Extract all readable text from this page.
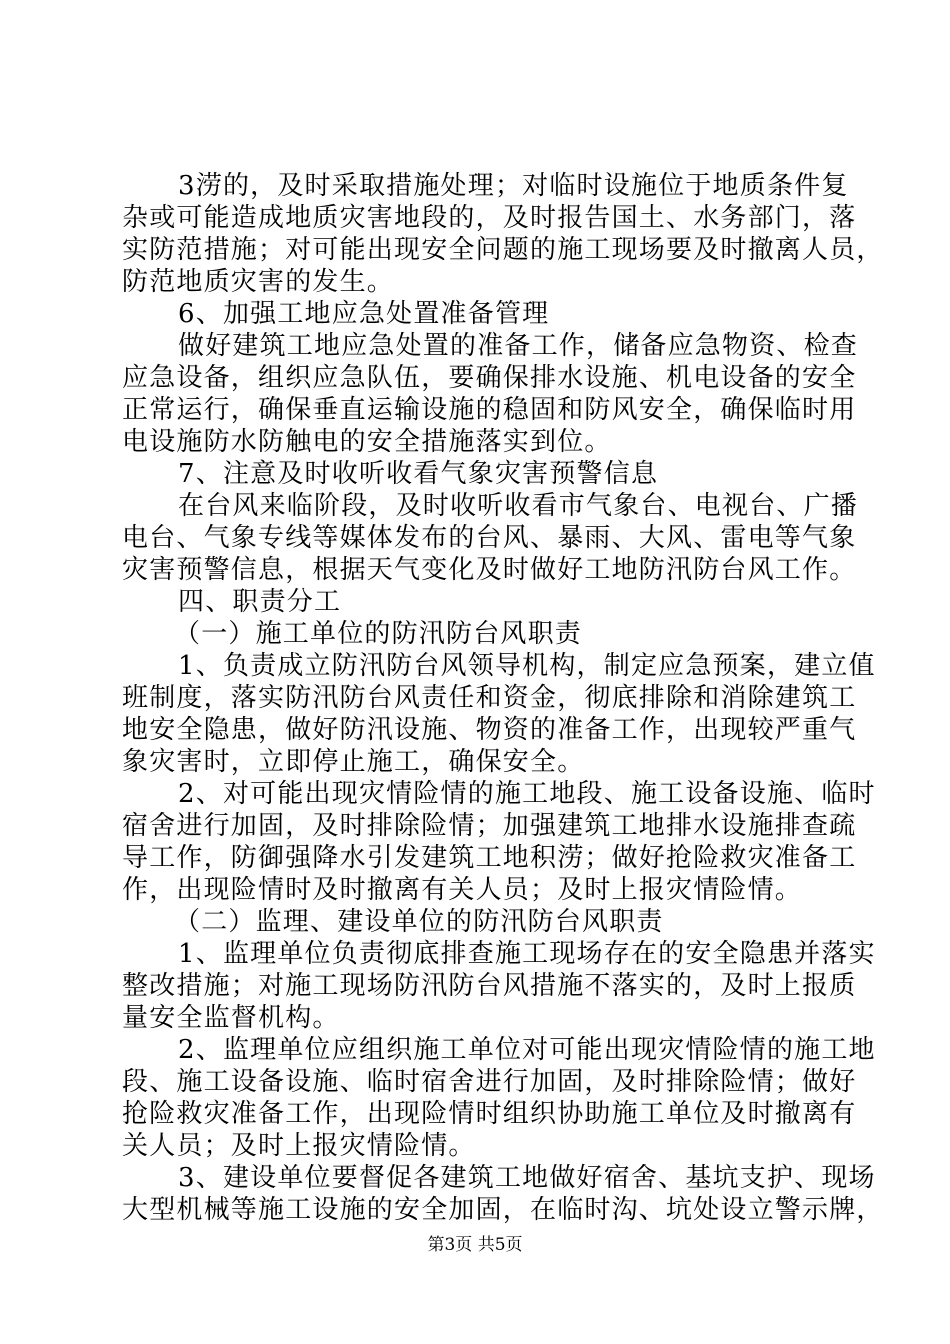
3涝的，及时采取措施处理；对临时设施位于地质条件复
杂或可能造成地质灾害地段的，及时报告国土、水务部门，落
实防范措施；对可能出现安全问题的施工现场要及时撤离人员，
防范地质灾害的发生。
6、加强工地应急处置准备管理
做好建筑工地应急处置的准备工作，储备应急物资、检查
应急设备，组织应急队伍，要确保排水设施、机电设备的安全
正常运行，确保垂直运输设施的稳固和防风安全，确保临时用
电设施防水防触电的安全措施落实到位。
7、注意及时收听收看气象灾害预警信息
在台风来临阶段，及时收听收看市气象台、电视台、广播
电台、气象专线等媒体发布的台风、暴雨、大风、雷电等气象
灾害预警信息，根据天气变化及时做好工地防汛防台风工作。
四、职责分工
（一）施工单位的防汛防台风职责
1、负责成立防汛防台风领导机构，制定应急预案，建立值
班制度，落实防汛防台风责任和资金，彻底排除和消除建筑工
地安全隐患，做好防汛设施、物资的准备工作，出现较严重气
象灾害时，立即停止施工，确保安全。
2、对可能出现灾情险情的施工地段、施工设备设施、临时
宿舍进行加固，及时排除险情；加强建筑工地排水设施排查疏
导工作，防御强降水引发建筑工地积涝；做好抢险救灾准备工
作，出现险情时及时撤离有关人员；及时上报灾情险情。
（二）监理、建设单位的防汛防台风职责
1、监理单位负责彻底排查施工现场存在的安全隐患并落实
整改措施；对施工现场防汛防台风措施不落实的，及时上报质
量安全监督机构。
2、监理单位应组织施工单位对可能出现灾情险情的施工地
段、施工设备设施、临时宿舍进行加固，及时排除险情；做好
抢险救灾准备工作，出现险情时组织协助施工单位及时撤离有
关人员；及时上报灾情险情。
3、建设单位要督促各建筑工地做好宿舍、基坑支护、现场
大型机械等施工设施的安全加固，在临时沟、坑处设立警示牌，
第3页 共5页
